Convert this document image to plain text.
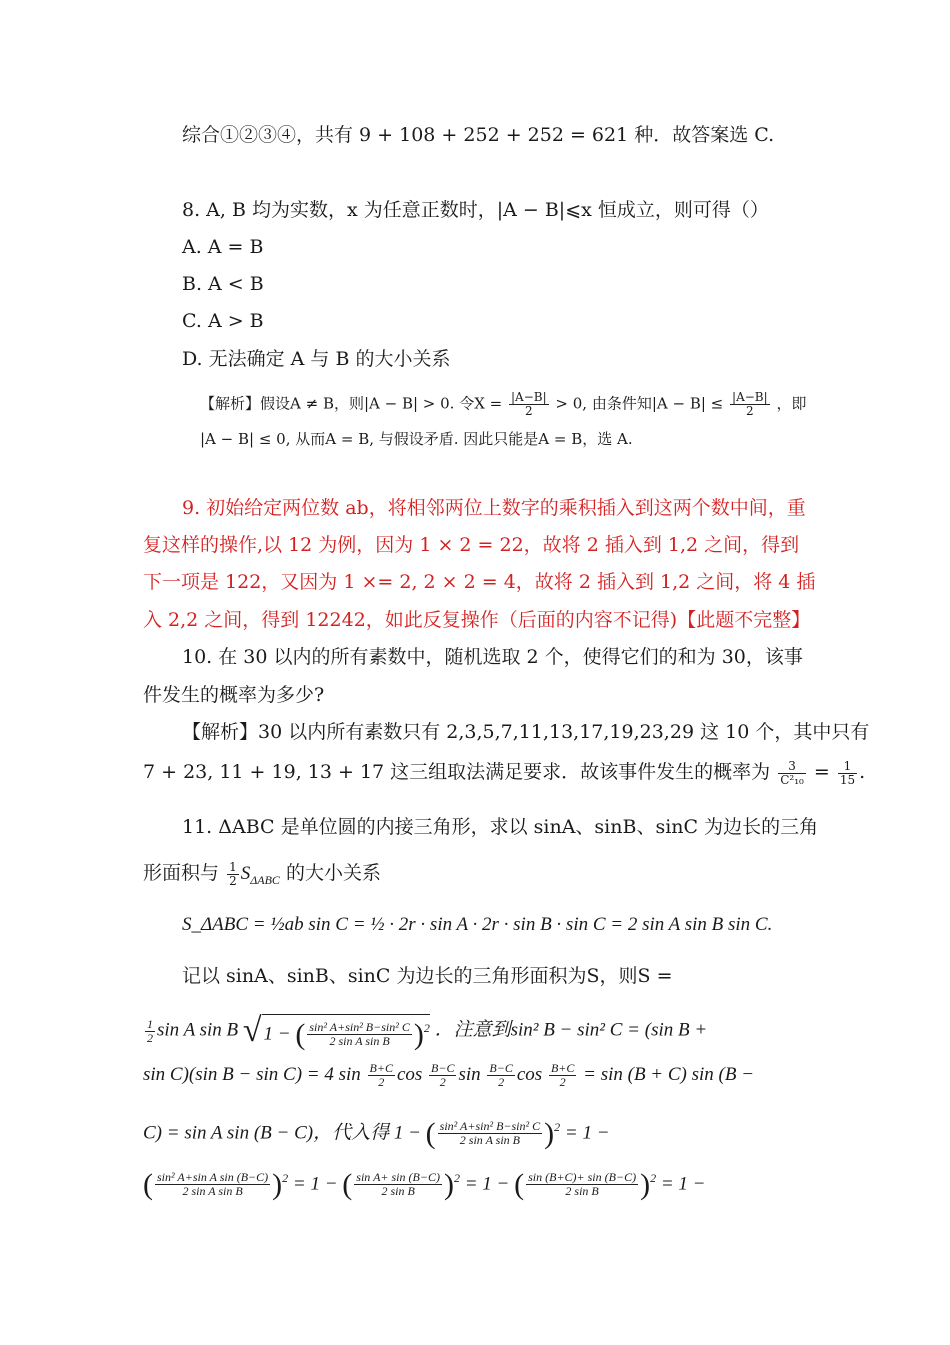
综合①②③④，共有 9 + 108 + 252 + 252 = 621 种．故答案选 C.
8. A, B 均为实数，x 为任意正数时，|A − B|⩽x 恒成立，则可得（）
A. A = B
B. A < B
C. A > B
D. 无法确定 A 与 B 的大小关系
【解析】假设A ≠ B，则|A − B| > 0. 令$X = \frac{|A-B|}{2} > 0$, 由条件知$|A - B| \le \frac{|A-B|}{2}$ ，即
|A − B| ≤ 0, 从而A = B, 与假设矛盾. 因此只能是A = B，选 A.
9. 初始给定两位数 ab，将相邻两位上数字的乘积插入到这两个数中间，重
复这样的操作,以 12 为例，因为 1 × 2 = 22，故将 2 插入到 1,2 之间，得到
下一项是 122，又因为 1 ×= 2, 2 × 2 = 4，故将 2 插入到 1,2 之间，将 4 插
入 2,2 之间，得到 12242，如此反复操作（后面的内容不记得)【此题不完整】
10. 在 30 以内的所有素数中，随机选取 2 个，使得它们的和为 30，该事
件发生的概率为多少?
【解析】30 以内所有素数只有 2,3,5,7,11,13,17,19,23,29 这 10 个，其中只有
7 + 23, 11 + 19, 13 + 17 这三组取法满足要求．故该事件发生的概率为 $\frac{3}{\text{C²₁₀}} = \frac{1}{15}$ .
11. ΔABC 是单位圆的内接三角形，求以 sinA、sinB、sinC 为边长的三角
形面积与 $\frac{1}{2} S_{\Delta ABC}$ 的大小关系
S_ΔABC = ½ab sin C = ½ · 2r · sin A · 2r · sin B · sin C = 2 sin A sin B sin C.
记以 sinA、sinB、sinC 为边长的三角形面积为S，则S =
$\frac{1}{2}$ sin A sin B √ 1 − ( $\frac{\text{sin² A+sin² B−sin² C}}{\text{2 sin A sin B}} )^2$ ．注意到sin² B − sin² C = (sin B +
sin C)(sin B − sin C) = 4 $\sin \frac{B+C}{2}$ $\cos \frac{B-C}{2}$ $\sin \frac{B-C}{2}$ $\cos \frac{B+C}{2} = \sin (B + C)$ sin (B −
C) = sin A sin (B − C)，代入得 1 − ( $\frac{\text{sin² A+sin² B−sin² C}}{\text{2 sin A sin B}} )^2 = 1$ −
( $\frac{\text{sin² A+sin A sin (B−C)}}{\text{2 sin A sin B}} )^2 = 1$ − ( $\frac{\text{sin A+ sin (B−C)}}{\text{2 sin B}} )^2 = 1$ − ( $\frac{\sin (B+C)+ \sin (B-C)}{\text{2 sin B}} )^2 = 1$ −
